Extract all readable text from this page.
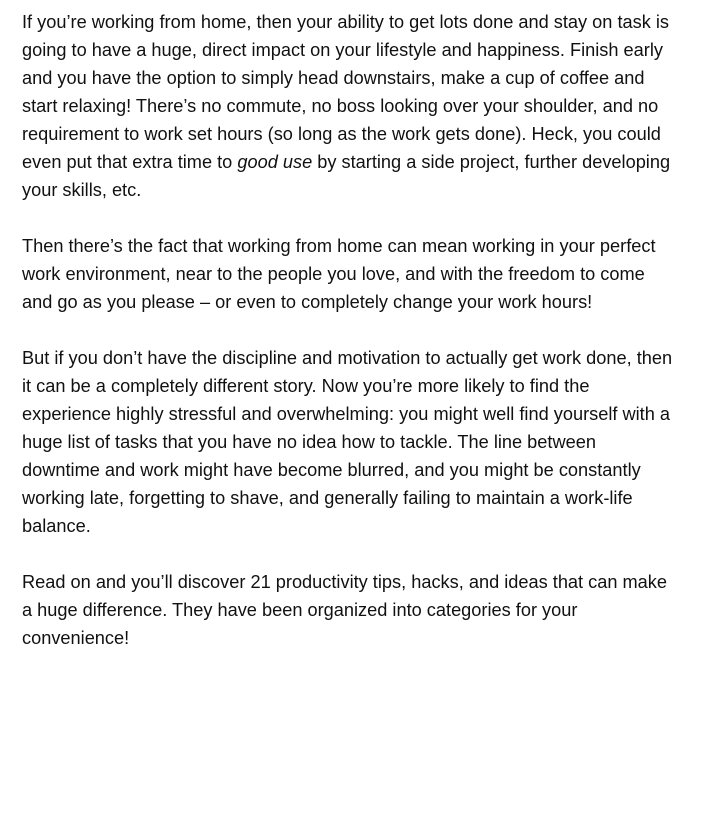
If you’re working from home, then your ability to get lots done and stay on task is going to have a huge, direct impact on your lifestyle and happiness. Finish early and you have the option to simply head downstairs, make a cup of coffee and start relaxing! There’s no commute, no boss looking over your shoulder, and no requirement to work set hours (so long as the work gets done). Heck, you could even put that extra time to good use by starting a side project, further developing your skills, etc.

Then there’s the fact that working from home can mean working in your perfect work environment, near to the people you love, and with the freedom to come and go as you please – or even to completely change your work hours!

But if you don’t have the discipline and motivation to actually get work done, then it can be a completely different story. Now you’re more likely to find the experience highly stressful and overwhelming: you might well find yourself with a huge list of tasks that you have no idea how to tackle. The line between downtime and work might have become blurred, and you might be constantly working late, forgetting to shave, and generally failing to maintain a work-life balance.

Read on and you’ll discover 21 productivity tips, hacks, and ideas that can make a huge difference. They have been organized into categories for your convenience!
